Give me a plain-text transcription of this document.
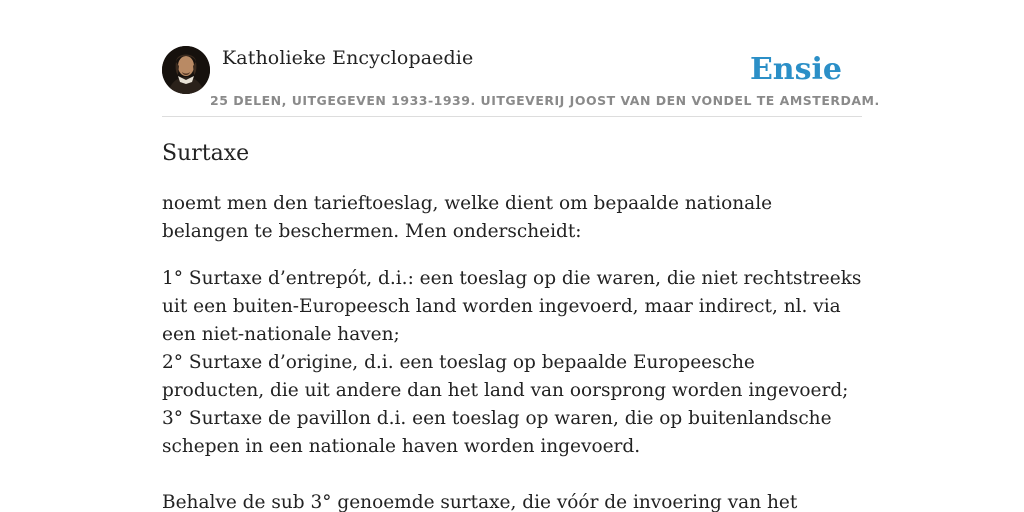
Katholieke Encyclopaedie
25 DELEN, UITGEGEVEN 1933-1939. UITGEVERIJ JOOST VAN DEN VONDEL TE AMSTERDAM.
Ensie
Surtaxe

noemt men den tarieftoeslag, welke dient om bepaalde nationale belangen te beschermen. Men onderscheidt:

1° Surtaxe d’entrepót, d.i.: een toeslag op die waren, die niet rechtstreeks uit een buiten-Europeesch land worden ingevoerd, maar indirect, nl. via een niet-nationale haven;
2° Surtaxe d’origine, d.i. een toeslag op bepaalde Europeesche producten, die uit andere dan het land van oorsprong worden ingevoerd;
3° Surtaxe de pavillon d.i. een toeslag op waren, die op buitenlandsche schepen in een nationale haven worden ingevoerd.

Behalve de sub 3° genoemde surtaxe, die vóór de invoering van het
